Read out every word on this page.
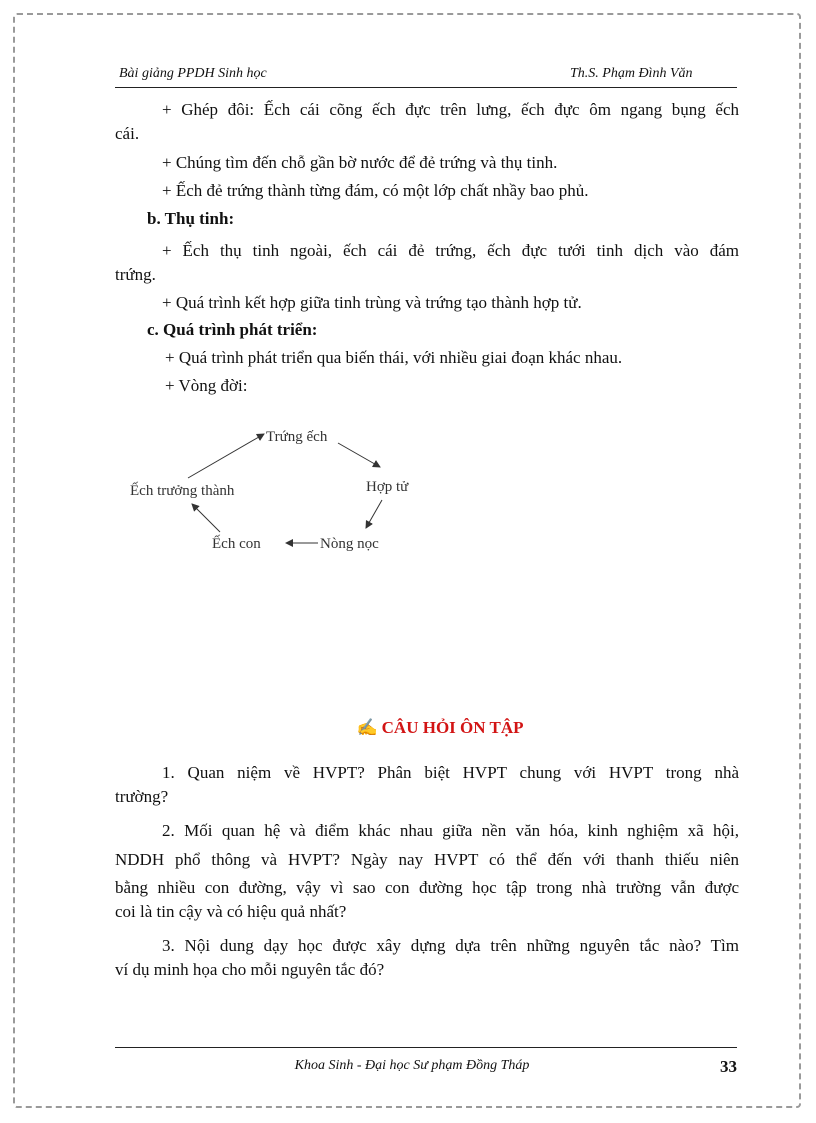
Bài giảng PPDH Sinh học	Th.S. Phạm Đình Văn

+ Ghép đôi: Ếch cái cõng ếch đực trên lưng, ếch đực ôm ngang bụng ếch

cái.

+ Chúng tìm đến chỗ gần bờ nước để đẻ trứng và thụ tinh.

+ Ếch đẻ trứng thành từng đám, có một lớp chất nhầy bao phủ.

b. Thụ tinh:

+ Ếch thụ tinh ngoài, ếch cái đẻ trứng, ếch đực tưới tinh dịch vào đám

trứng.

+ Quá trình kết hợp giữa tinh trùng và trứng tạo thành hợp tử.

c. Quá trình phát triển:

+ Quá trình phát triển qua biến thái, với nhiều giai đoạn khác nhau.

+ Vòng đời:

Trứng ếch
Hợp tử
Nòng nọc
Ếch con
Ếch trưởng thành
✍ CÂU HỎI ÔN TẬP

1. Quan niệm về HVPT? Phân biệt HVPT chung với HVPT trong nhà

trường?

2. Mối quan hệ và điểm khác nhau giữa nền văn hóa, kinh nghiệm xã hội,

NDDH phổ thông và HVPT? Ngày nay HVPT có thể đến với thanh thiếu niên

bằng nhiều con đường, vậy vì sao con đường học tập trong nhà trường vẫn được

coi là tin cậy và có hiệu quả nhất?

3. Nội dung dạy học được xây dựng dựa trên những nguyên tắc nào? Tìm

ví dụ minh họa cho mỗi nguyên tắc đó?

Khoa Sinh - Đại học Sư phạm Đồng Tháp	33
